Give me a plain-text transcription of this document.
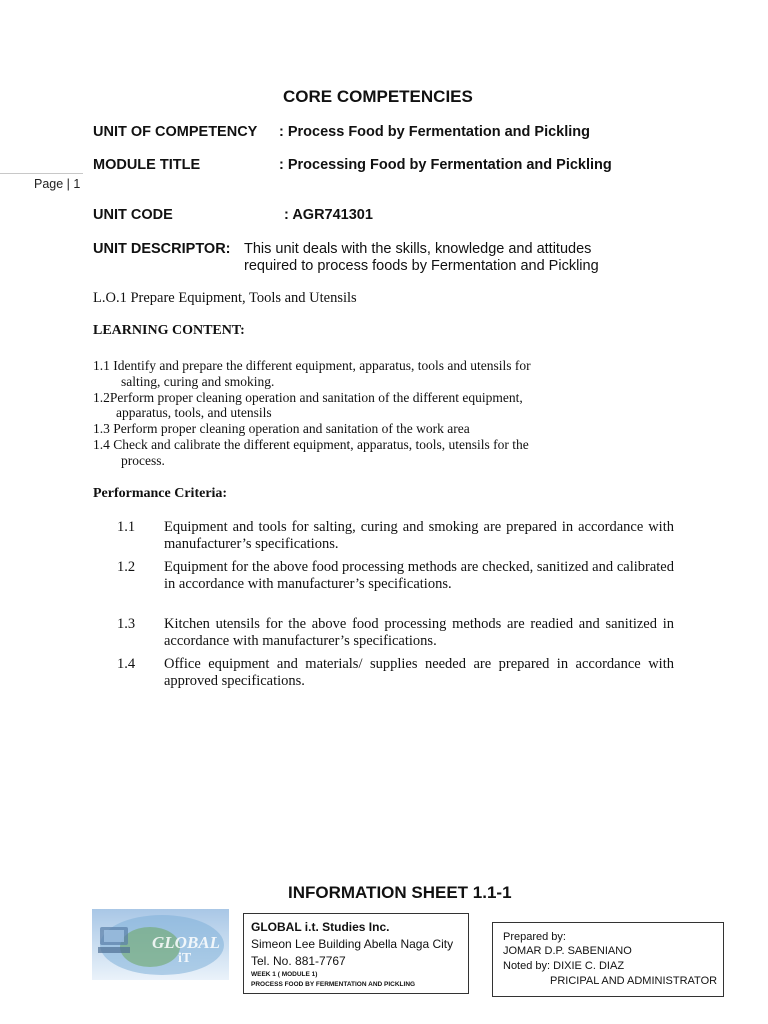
Page | 1
CORE COMPETENCIES
UNIT OF COMPETENCY : Process Food by Fermentation and Pickling
MODULE TITLE	: Processing Food by Fermentation and Pickling
UNIT CODE	: AGR741301
UNIT DESCRIPTOR: This unit deals with the skills, knowledge and attitudes
required to process foods by Fermentation and Pickling
L.O.1 Prepare Equipment, Tools and Utensils
LEARNING CONTENT:
1.1 Identify and prepare the different equipment, apparatus, tools and utensils for
salting, curing and smoking.
1.2Perform proper cleaning operation and sanitation of the different equipment,
apparatus, tools, and utensils
1.3 Perform proper cleaning operation and sanitation of the work area
1.4 Check and calibrate the different equipment, apparatus, tools, utensils for the
process.
Performance Criteria:
1.1 Equipment and tools for salting, curing and smoking are prepared in accordance with manufacturer’s specifications.
1.2 Equipment for the above food processing methods are checked, sanitized and calibrated in accordance with manufacturer’s specifications.
1.3 Kitchen utensils for the above food processing methods are readied and sanitized in accordance with manufacturer’s specifications.
1.4 Office equipment and materials/ supplies needed are prepared in accordance with approved specifications.
INFORMATION SHEET 1.1-1
GLOBAL
iT
GLOBAL i.t. Studies Inc.
Simeon Lee Building Abella Naga City
Tel. No. 881-7767
WEEK 1 ( MODULE 1)
PROCESS FOOD BY FERMENTATION AND PICKLING
Prepared by:
JOMAR D.P. SABENIANO
Noted by: DIXIE C. DIAZ
PRICIPAL AND ADMINISTRATOR
